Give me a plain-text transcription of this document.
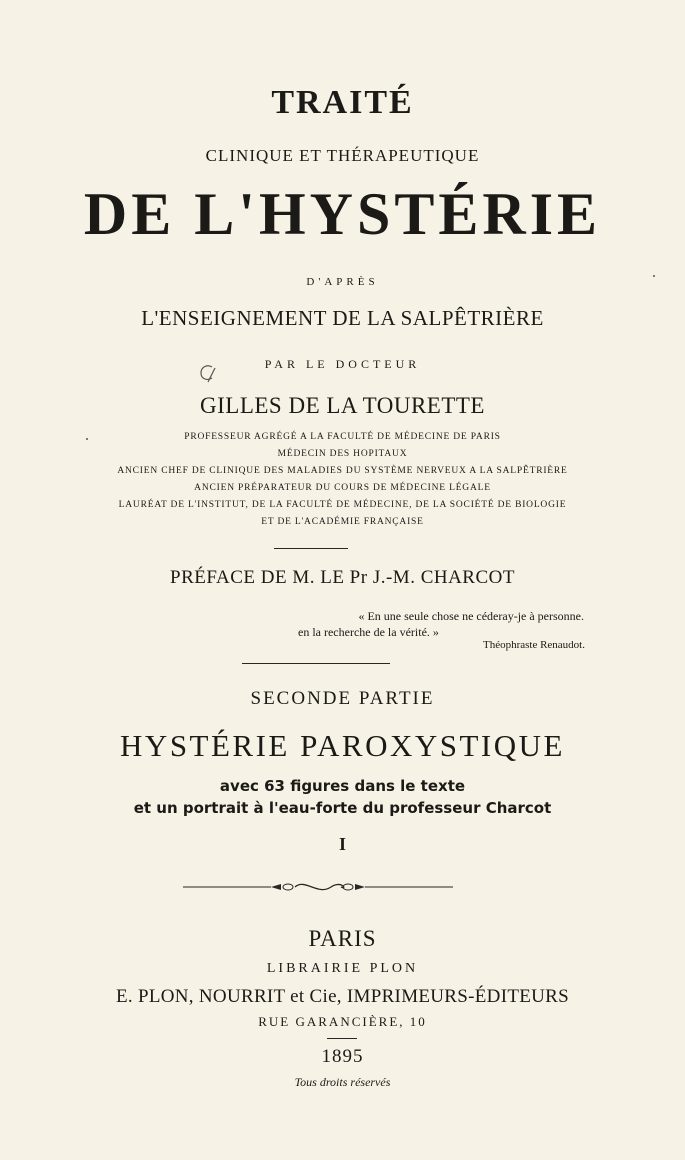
TRAITÉ
CLINIQUE ET THÉRAPEUTIQUE
DE L'HYSTÉRIE
D'APRÈS
L'ENSEIGNEMENT DE LA SALPÊTRIÈRE
PAR LE DOCTEUR
GILLES DE LA TOURETTE
PROFESSEUR AGRÉGÉ A LA FACULTÉ DE MÉDECINE DE PARIS
MÉDECIN DES HOPITAUX
ANCIEN CHEF DE CLINIQUE DES MALADIES DU SYSTÈME NERVEUX A LA SALPÊTRIÈRE
ANCIEN PRÉPARATEUR DU COURS DE MÉDECINE LÉGALE
LAURÉAT DE L'INSTITUT, DE LA FACULTÉ DE MÉDECINE, DE LA SOCIÉTÉ DE BIOLOGIE
ET DE L'ACADÉMIE FRANÇAISE
PRÉFACE DE M. LE Pr J.-M. CHARCOT
« En une seule chose ne céderay-je à personne.
en la recherche de la vérité. »
Théophraste Renaudot.
SECONDE PARTIE
HYSTÉRIE PAROXYSTIQUE
avec 63 figures dans le texte
et un portrait à l'eau-forte du professeur Charcot
I
PARIS
LIBRAIRIE PLON
E. PLON, NOURRIT et Cie, IMPRIMEURS-ÉDITEURS
RUE GARANCIÈRE, 10
1895
Tous droits réservés
